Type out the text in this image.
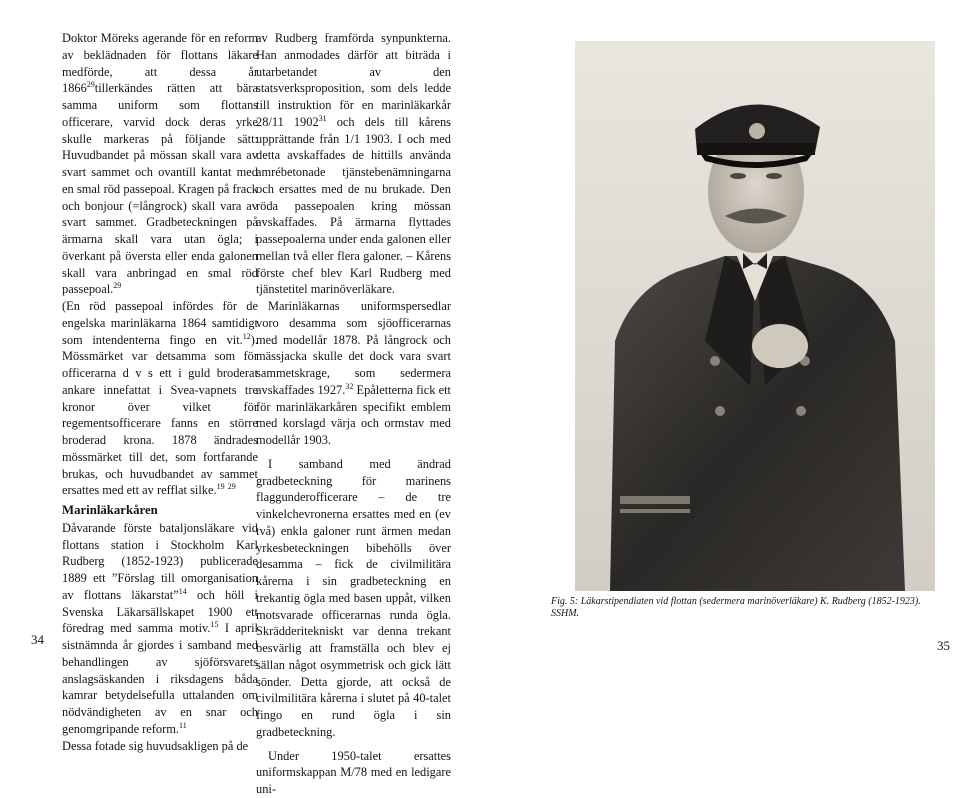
Doktor Möreks agerande för en reform av beklädnaden för flottans läkare medförde, att dessa år 1866$^{29}$tillerkändes rätten att bära samma uniform som flottans officerare, varvid dock deras yrke skulle markeras på följande sätt: Huvudbandet på mössan skall vara av svart sammet och ovantill kantat med en smal röd passepoal. Kragen på frack och bonjour (=långrock) skall vara av svart sammet. Gradbeteckningen på ärmarna skall vara utan ögla; i överkant på översta eller enda galonen skall vara anbringad en smal röd passepoal.$^{29}$

(En röd passepoal infördes för de engelska marinläkarna 1864 samtidigt som intendenterna fingo en vit.$^{12}$). Mössmärket var detsamma som för officerarna d v s ett i guld broderat ankare innefattat i Svea-vapnets tre kronor över vilket för regementsofficerare fanns en större broderad krona. 1878 ändrades mössmärket till det, som fortfarande brukas, och huvudbandet av sammet ersattes med ett av refflat silke.$^{19}$ $^{29}$

Marinläkarkåren

Dåvarande förste bataljonsläkare vid flottans station i Stockholm Karl Rudberg (1852-1923) publicerade 1889 ett ”Förslag till omorganisation av flottans läkarstat”$^{14}$ och höll i Svenska Läkarsällskapet 1900 ett föredrag med samma motiv.$^{15}$ I april sistnämnda år gjordes i samband med behandlingen av sjöförsvarets anslagsäskanden i riksdagens båda kamrar betydelsefulla uttalanden om nödvändigheten av en snar och genomgripande reform.$^{11}$

Dessa fotade sig huvudsakligen på de

34

av Rudberg framförda synpunkterna. Han anmodades därför att biträda i utarbetandet av den statsverksproposition, som dels ledde till instruktion för en marinläkarkår 28/11 1902$^{31}$ och dels till kårens upprättande från 1/1 1903. I och med detta avskaffades de hittills använda amrébetonade tjänstebenämningarna och ersattes med de nu brukade. Den röda passepoalen kring mössan avskaffades. På ärmarna flyttades passepoalerna under enda galonen eller mellan två eller flera galoner. – Kårens förste chef blev Karl Rudberg med tjänstetitel marinöverläkare.

Marinläkarnas uniformspersedlar voro desamma som sjöofficerarnas med modellår 1878. På långrock och mässjacka skulle det dock vara svart sammetskrage, som sedermera avskaffades 1927.32 Epåletterna fick ett för marinläkarkåren specifikt emblem med korslagd värja och ormstav med modellår 1903.

I samband med ändrad gradbeteckning för marinens flaggunderofficerare – de tre vinkelchevronerna ersattes med en (ev två) enkla galoner runt ärmen medan yrkesbeteckningen bibehölls över desamma – fick de civilmilitära kårerna i sin gradbeteckning en trekantig ögla med basen uppåt, vilken motsvarade officerarnas runda ögla. Skrädderitekniskt var denna trekant besvärlig att framställa och blev ej sällan något osymmetrisk och gick lätt sönder. Detta gjorde, att också de civilmilitära kårerna i slutet på 40-talet fingo en rund ögla i sin gradbeteckning.

Under 1950-talet ersattes uniformskappan M/78 med en ledigare uni-

Fig. 5: Läkarstipendiaten vid flottan (sedermera marinöverläkare) K. Rudberg (1852-1923). SSHM.
35
